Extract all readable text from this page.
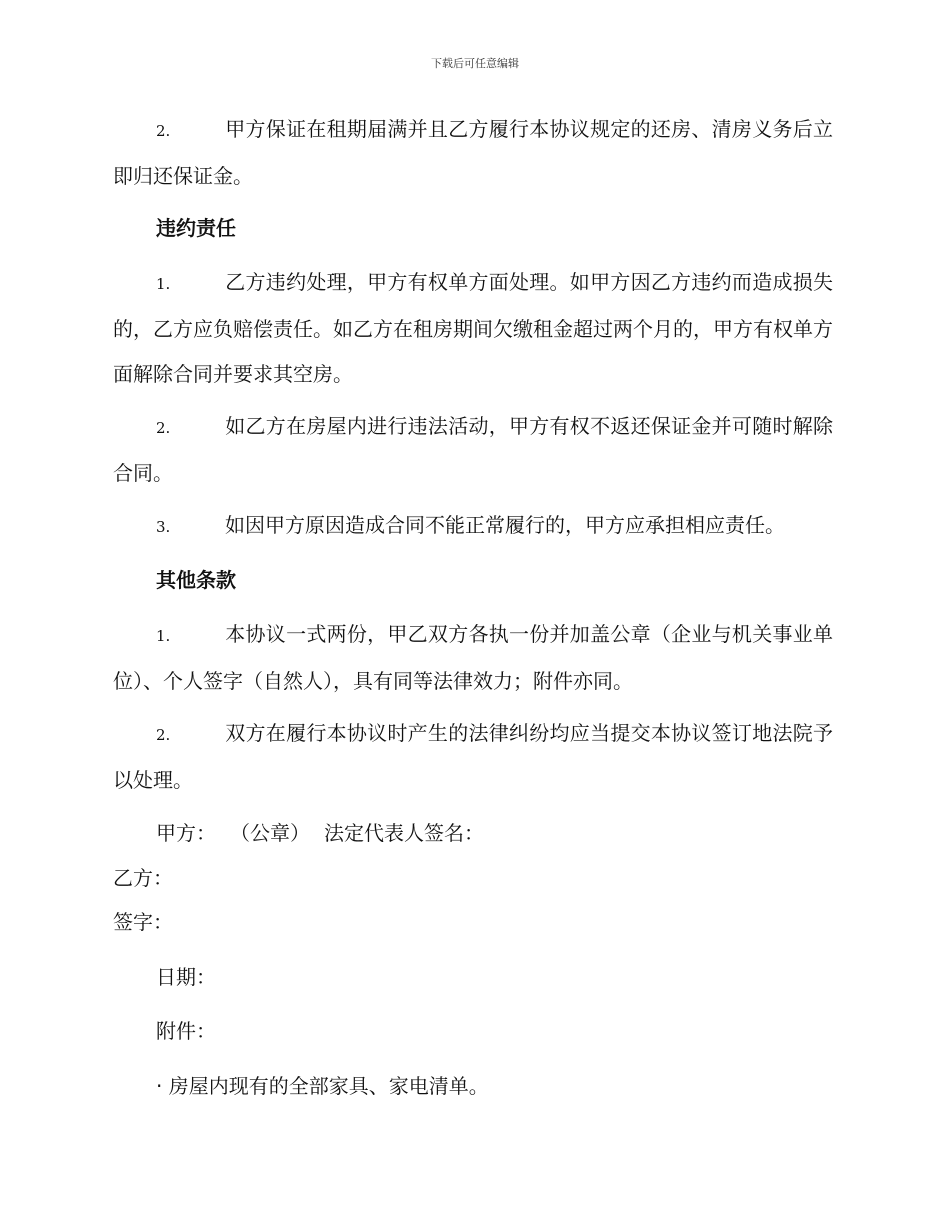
下载后可任意编辑
2.	甲方保证在租期届满并且乙方履行本协议规定的还房、清房义务后立即归还保证金。
违约责任
1.	乙方违约处理，甲方有权单方面处理。如甲方因乙方违约而造成损失的，乙方应负赔偿责任。如乙方在租房期间欠缴租金超过两个月的，甲方有权单方面解除合同并要求其空房。
2.	如乙方在房屋内进行违法活动，甲方有权不返还保证金并可随时解除合同。
3.	如因甲方原因造成合同不能正常履行的，甲方应承担相应责任。
其他条款
1.	本协议一式两份，甲乙双方各执一份并加盖公章（企业与机关事业单位）、个人签字（自然人），具有同等法律效力；附件亦同。
2.	双方在履行本协议时产生的法律纠纷均应当提交本协议签订地法院予以处理。
甲方： （公章） 法定代表人签名：
乙方：
签字：
日期：
附件：
· 房屋内现有的全部家具、家电清单。
